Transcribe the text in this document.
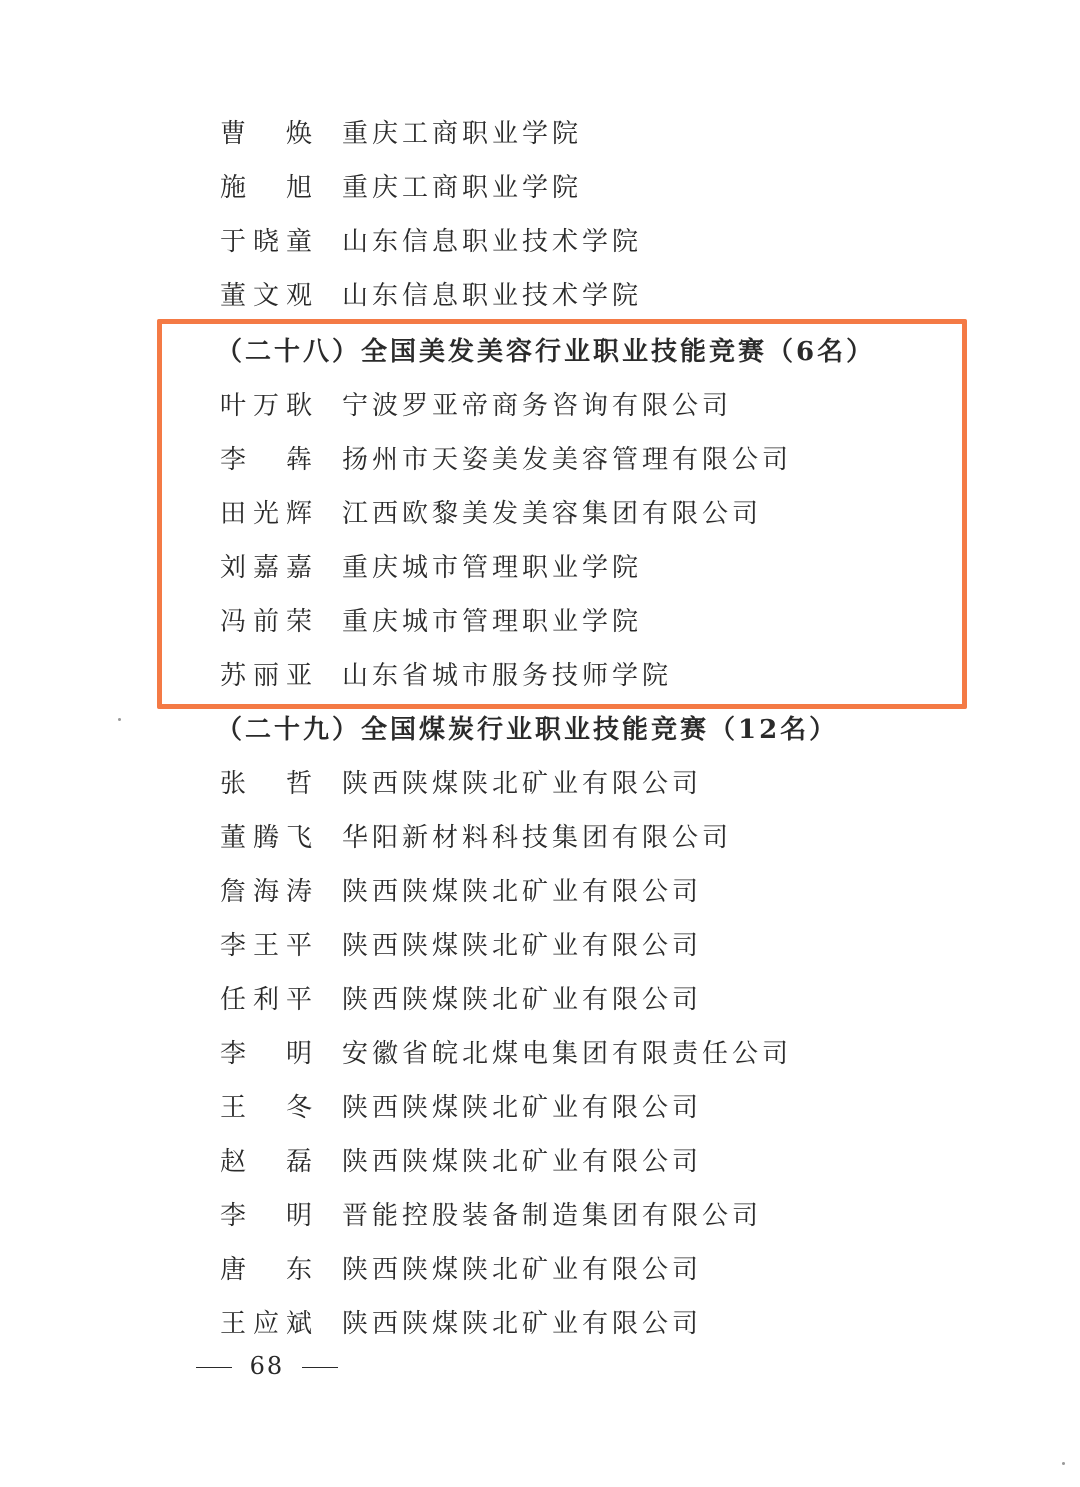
曹焕 重庆工商职业学院
施旭 重庆工商职业学院
于晓童 山东信息职业技术学院
董文观 山东信息职业技术学院
（二十八）全国美发美容行业职业技能竞赛（6名）
叶万耿 宁波罗亚帝商务咨询有限公司
李犇 扬州市天姿美发美容管理有限公司
田光辉 江西欧黎美发美容集团有限公司
刘嘉嘉 重庆城市管理职业学院
冯前荣 重庆城市管理职业学院
苏丽亚 山东省城市服务技师学院
（二十九）全国煤炭行业职业技能竞赛（12名）
张哲 陕西陕煤陕北矿业有限公司
董腾飞 华阳新材料科技集团有限公司
詹海涛 陕西陕煤陕北矿业有限公司
李王平 陕西陕煤陕北矿业有限公司
任利平 陕西陕煤陕北矿业有限公司
李明 安徽省皖北煤电集团有限责任公司
王冬 陕西陕煤陕北矿业有限公司
赵磊 陕西陕煤陕北矿业有限公司
李明 晋能控股装备制造集团有限公司
唐东 陕西陕煤陕北矿业有限公司
王应斌 陕西陕煤陕北矿业有限公司
68
